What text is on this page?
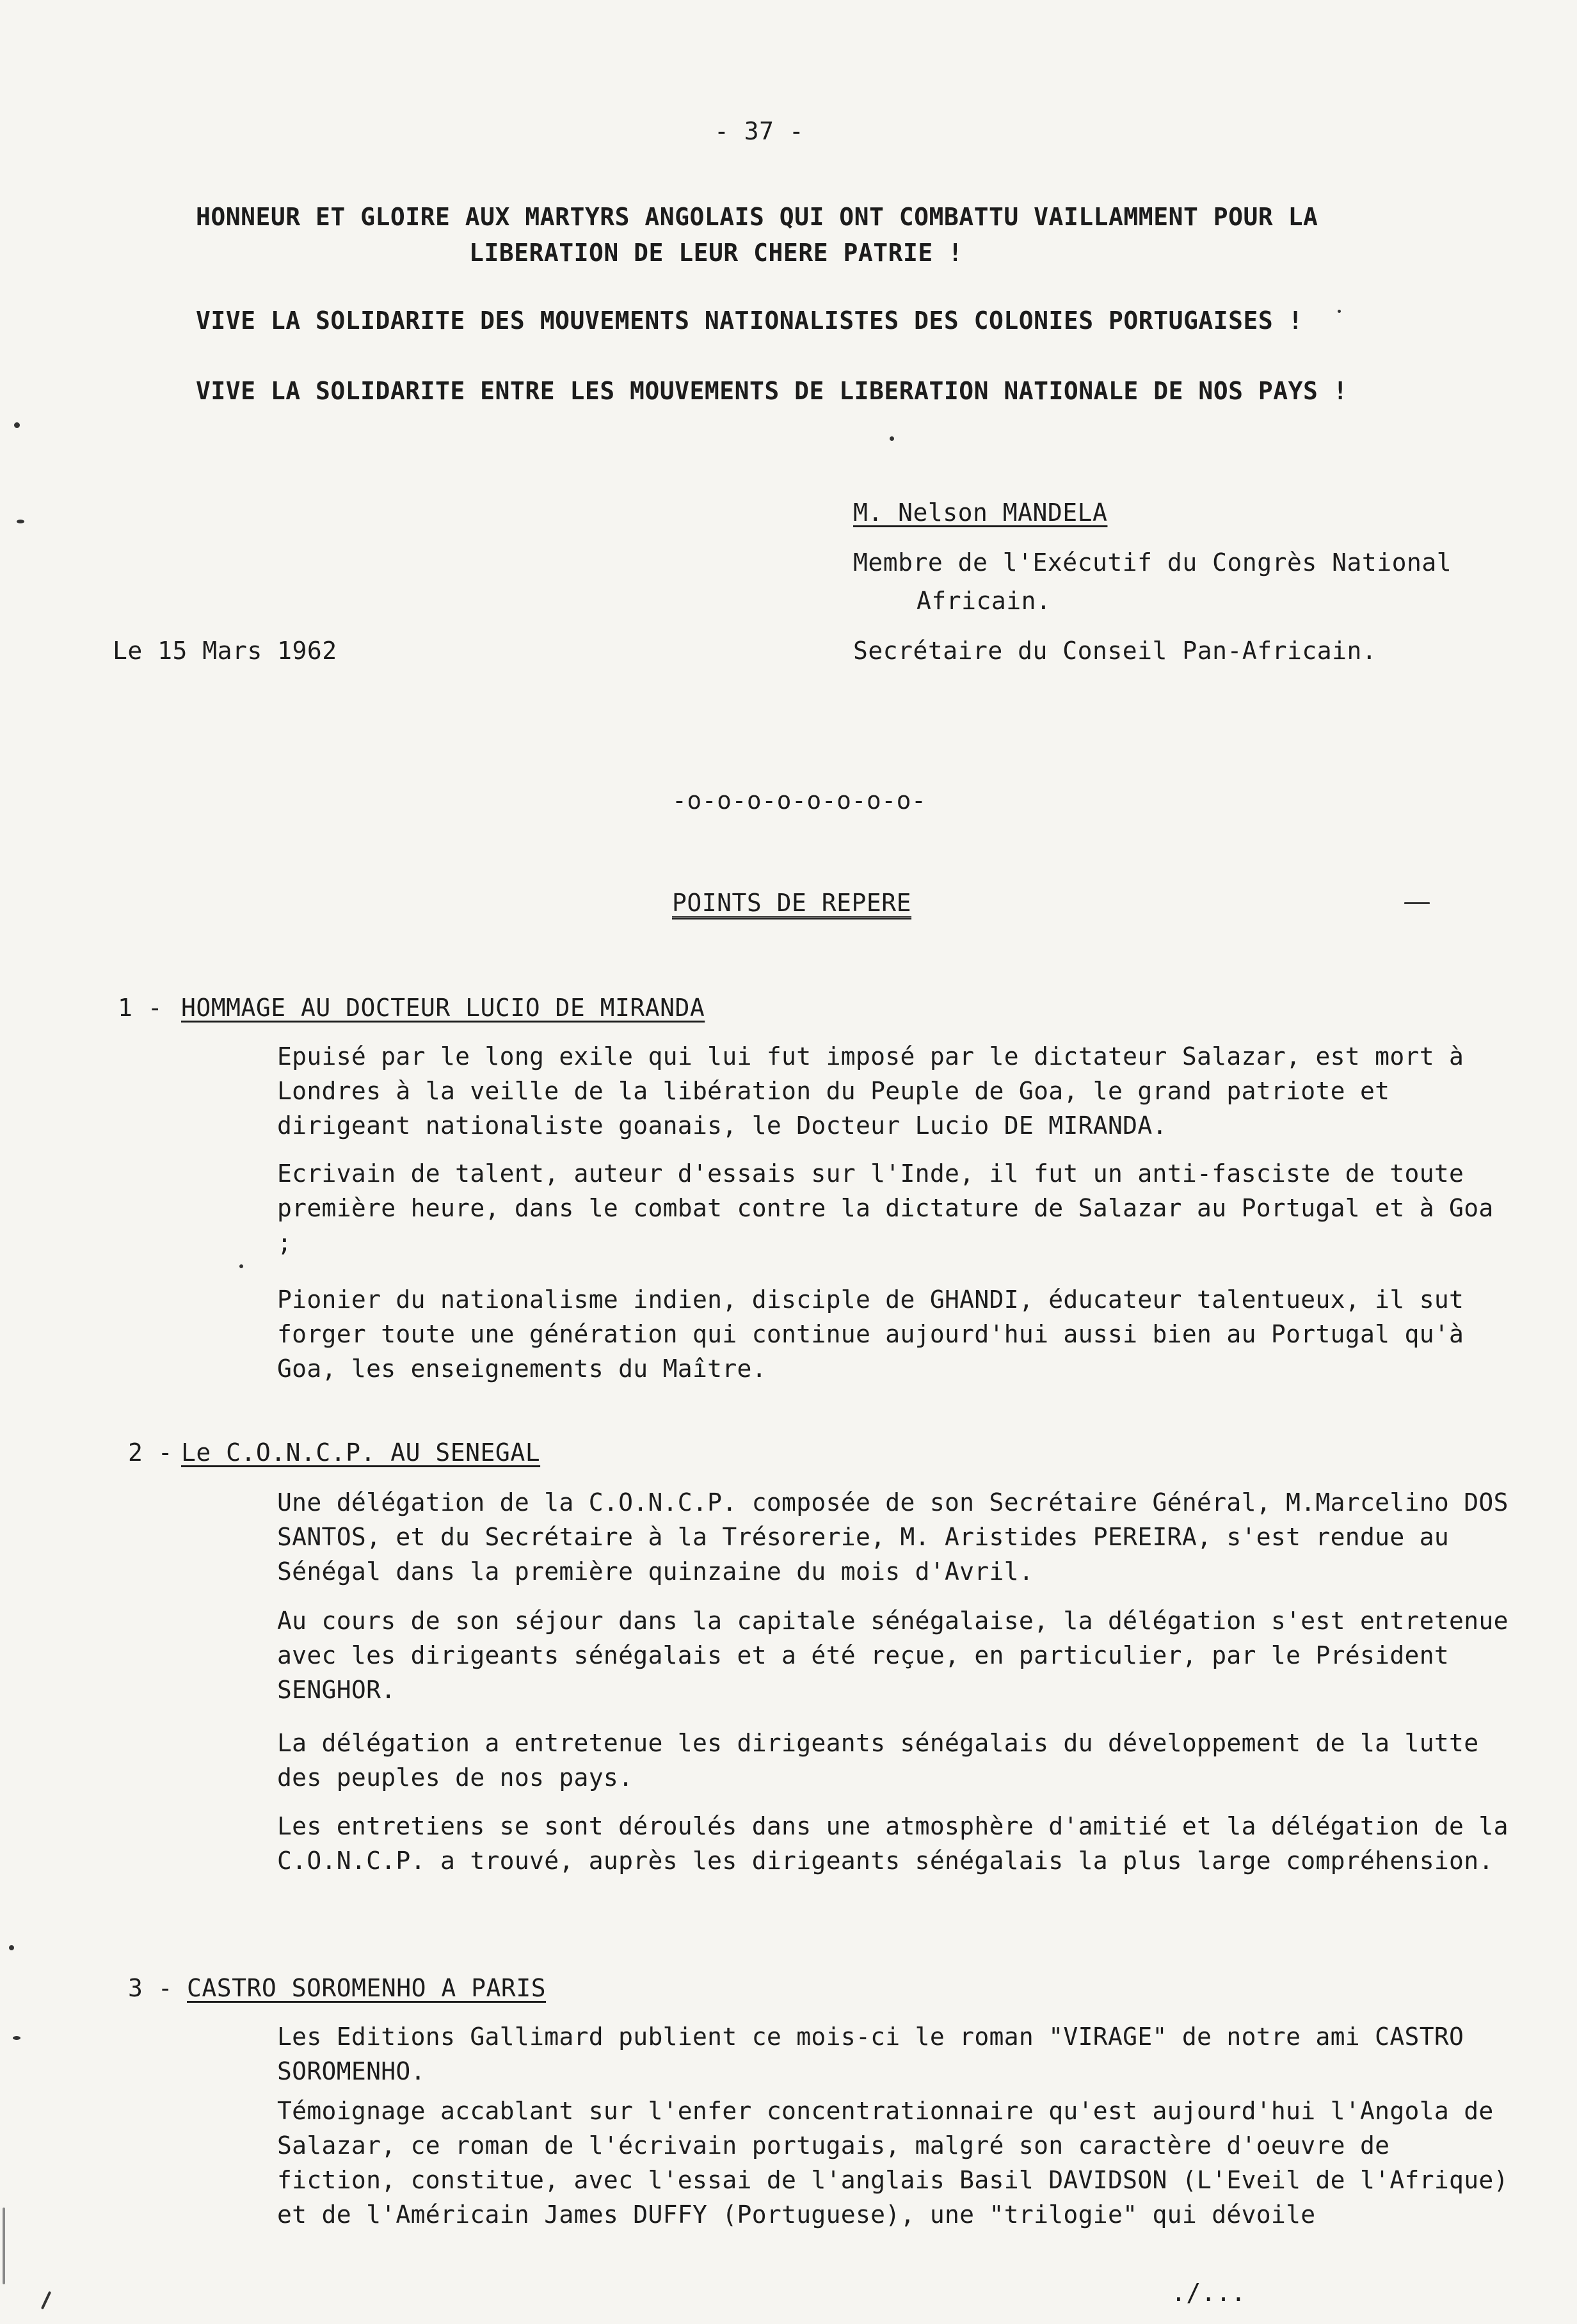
- 37 -
HONNEUR ET GLOIRE AUX MARTYRS ANGOLAIS QUI ONT COMBATTU VAILLAMMENT POUR LA
LIBERATION DE LEUR CHERE PATRIE !
VIVE LA SOLIDARITE DES MOUVEMENTS NATIONALISTES DES COLONIES PORTUGAISES !
VIVE LA SOLIDARITE ENTRE LES MOUVEMENTS DE LIBERATION NATIONALE DE NOS PAYS !
M. Nelson MANDELA
Membre de l'Exécutif du Congrès National
Africain.
Le 15 Mars 1962	Secrétaire du Conseil Pan-Africain.
-o-o-o-o-o-o-o-o-
POINTS DE REPERE
1 - HOMMAGE AU DOCTEUR LUCIO DE MIRANDA
Epuisé par le long exile qui lui fut imposé par le dictateur Salazar, est mort à Londres à la veille de la libération du Peuple de Goa, le grand patriote et dirigeant nationaliste goanais, le Docteur Lucio DE MIRANDA.
Ecrivain de talent, auteur d'essais sur l'Inde, il fut un anti-fasciste de toute première heure, dans le combat contre la dictature de Salazar au Portugal et à Goa ;
Pionier du nationalisme indien, disciple de GHANDI, éducateur talentueux, il sut forger toute une génération qui continue aujourd'hui aussi bien au Portugal qu'à Goa, les enseignements du Maître.
2 - Le C.O.N.C.P. AU SENEGAL
Une délégation de la C.O.N.C.P. composée de son Secrétaire Général, M.Marcelino DOS SANTOS, et du Secrétaire à la Trésorerie, M. Aristides PEREIRA, s'est rendue au Sénégal dans la première quinzaine du mois d'Avril.
Au cours de son séjour dans la capitale sénégalaise, la délégation s'est entretenue avec les dirigeants sénégalais et a été reçue, en particulier, par le Président SENGHOR.
La délégation a entretenue les dirigeants sénégalais du développement de la lutte des peuples de nos pays.
Les entretiens se sont déroulés dans une atmosphère d'amitié et la délégation de la C.O.N.C.P. a trouvé, auprès les dirigeants sénégalais la plus large compréhension.
3 - CASTRO SOROMENHO A PARIS
Les Editions Gallimard publient ce mois-ci le roman "VIRAGE" de notre ami CASTRO SOROMENHO.
Témoignage accablant sur l'enfer concentrationnaire qu'est aujourd'hui l'Angola de Salazar, ce roman de l'écrivain portugais, malgré son caractère d'oeuvre de fiction, constitue, avec l'essai de l'anglais Basil DAVIDSON (L'Eveil de l'Afrique) et de l'Américain James DUFFY (Portuguese), une "trilogie" qui dévoile
./...
